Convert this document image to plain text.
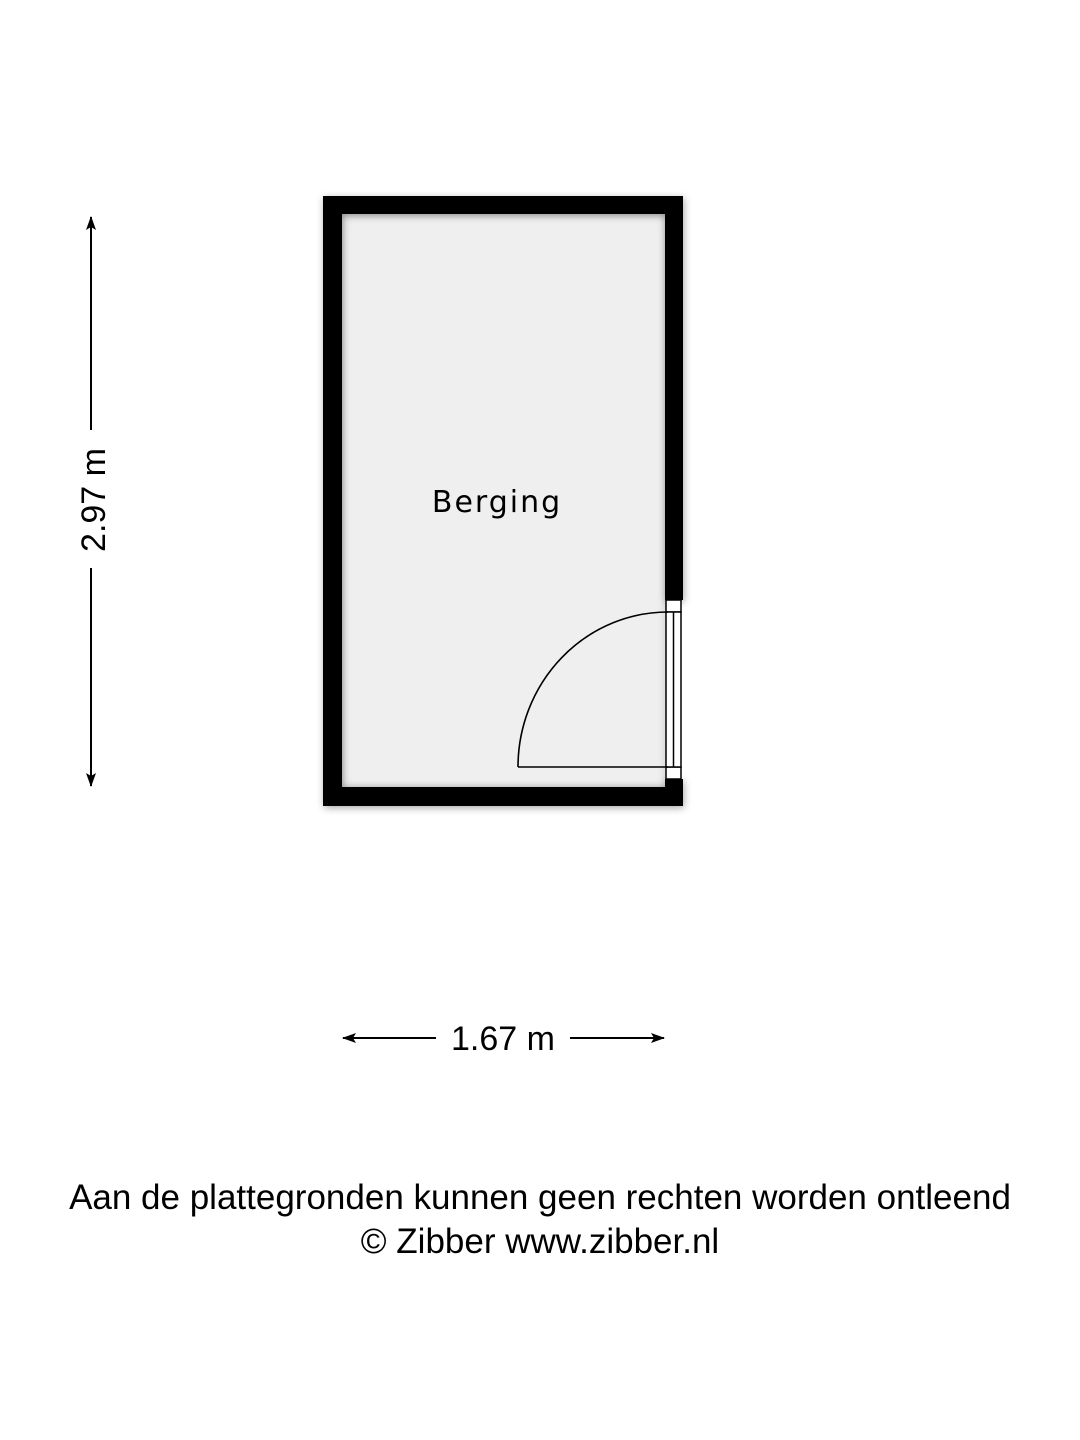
Berging
2.97 m
1.67 m
Aan de plattegronden kunnen geen rechten worden ontleend
© Zibber www.zibber.nl
